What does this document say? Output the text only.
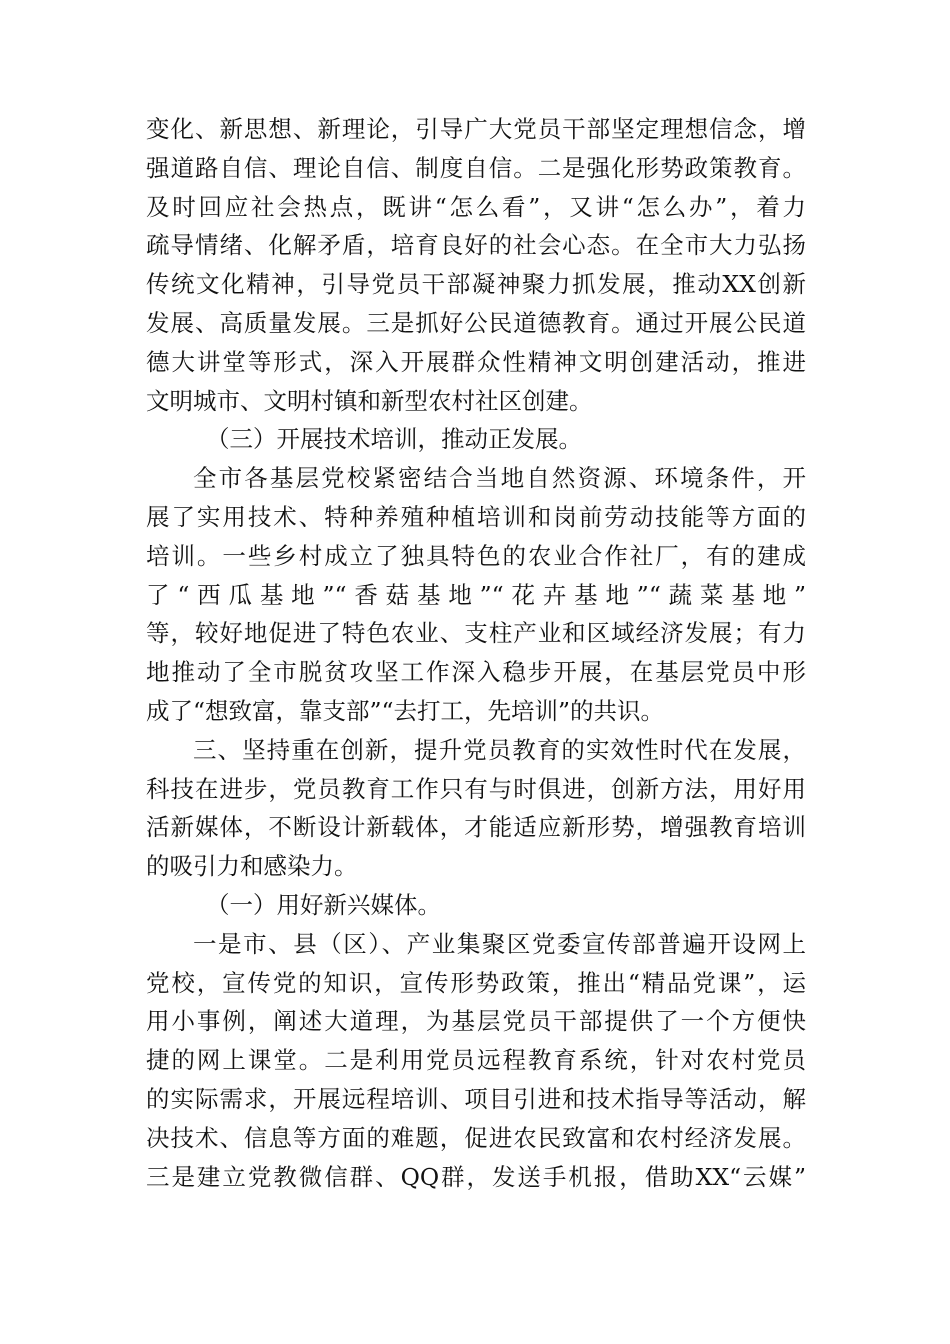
变化、新思想、新理论，引导广大党员干部坚定理想信念，增
强道路自信、理论自信、制度自信。二是强化形势政策教育。
及时回应社会热点，既讲“怎么看”，又讲“怎么办”，着力
疏导情绪、化解矛盾，培育良好的社会心态。在全市大力弘扬
传统文化精神，引导党员干部凝神聚力抓发展，推动XX创新
发展、高质量发展。三是抓好公民道德教育。通过开展公民道
德大讲堂等形式，深入开展群众性精神文明创建活动，推进
文明城市、文明村镇和新型农村社区创建。
（三）开展技术培训，推动正发展。
全市各基层党校紧密结合当地自然资源、环境条件，开
展了实用技术、特种养殖种植培训和岗前劳动技能等方面的
培训。一些乡村成立了独具特色的农业合作社厂，有的建成
了“西瓜基地”“香菇基地”“花卉基地”“蔬菜基地”
等，较好地促进了特色农业、支柱产业和区域经济发展；有力
地推动了全市脱贫攻坚工作深入稳步开展，在基层党员中形
成了“想致富，靠支部”“去打工，先培训”的共识。
三、坚持重在创新，提升党员教育的实效性时代在发展，
科技在进步，党员教育工作只有与时俱进，创新方法，用好用
活新媒体，不断设计新载体，才能适应新形势，增强教育培训
的吸引力和感染力。
（一）用好新兴媒体。
一是市、县（区）、产业集聚区党委宣传部普遍开设网上
党校，宣传党的知识，宣传形势政策，推出“精品党课”，运
用小事例，阐述大道理，为基层党员干部提供了一个方便快
捷的网上课堂。二是利用党员远程教育系统，针对农村党员
的实际需求，开展远程培训、项目引进和技术指导等活动，解
决技术、信息等方面的难题，促进农民致富和农村经济发展。
三是建立党教微信群、QQ群，发送手机报，借助XX“云媒”
